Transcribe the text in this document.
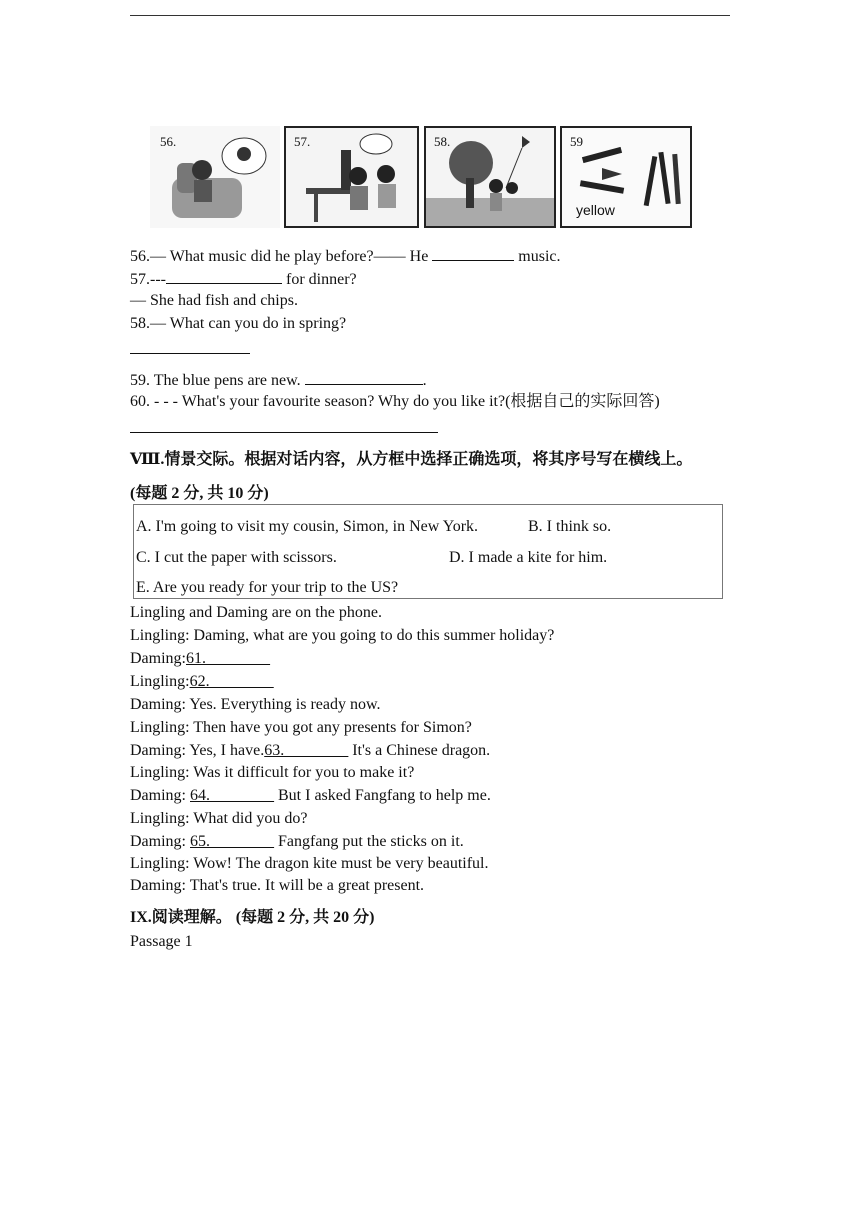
56.	57.	58.	59
yellow
56.— What music did he play before?—— He	music.
57.---	for dinner?
— She had fish and chips.
58.— What can you do in spring?
59. The blue pens are new.	.
60. - - - What's your favourite season? Why do you like it?(根据自己的实际回答)
Ⅷ.情景交际。根据对话内容，从方框中选择正确选项，将其序号写在横线上。
(每题 2 分, 共 10 分)
A. I'm going to visit my cousin, Simon, in New York.	B. I think so.
C. I cut the paper with scissors.	D. I made a kite for him.
E. Are you ready for your trip to the US?
Lingling and Daming are on the phone.
Lingling: Daming, what are you going to do this summer holiday?
Daming:61.________
Lingling:62.________
Daming: Yes. Everything is ready now.
Lingling: Then have you got any presents for Simon?
Daming: Yes, I have.63.________ It's a Chinese dragon.
Lingling: Was it difficult for you to make it?
Daming: 64.________ But I asked Fangfang to help me.
Lingling: What did you do?
Daming: 65.________ Fangfang put the sticks on it.
Lingling: Wow! The dragon kite must be very beautiful.
Daming: That's true. It will be a great present.
IX.阅读理解。 (每题 2 分, 共 20 分)
Passage 1
